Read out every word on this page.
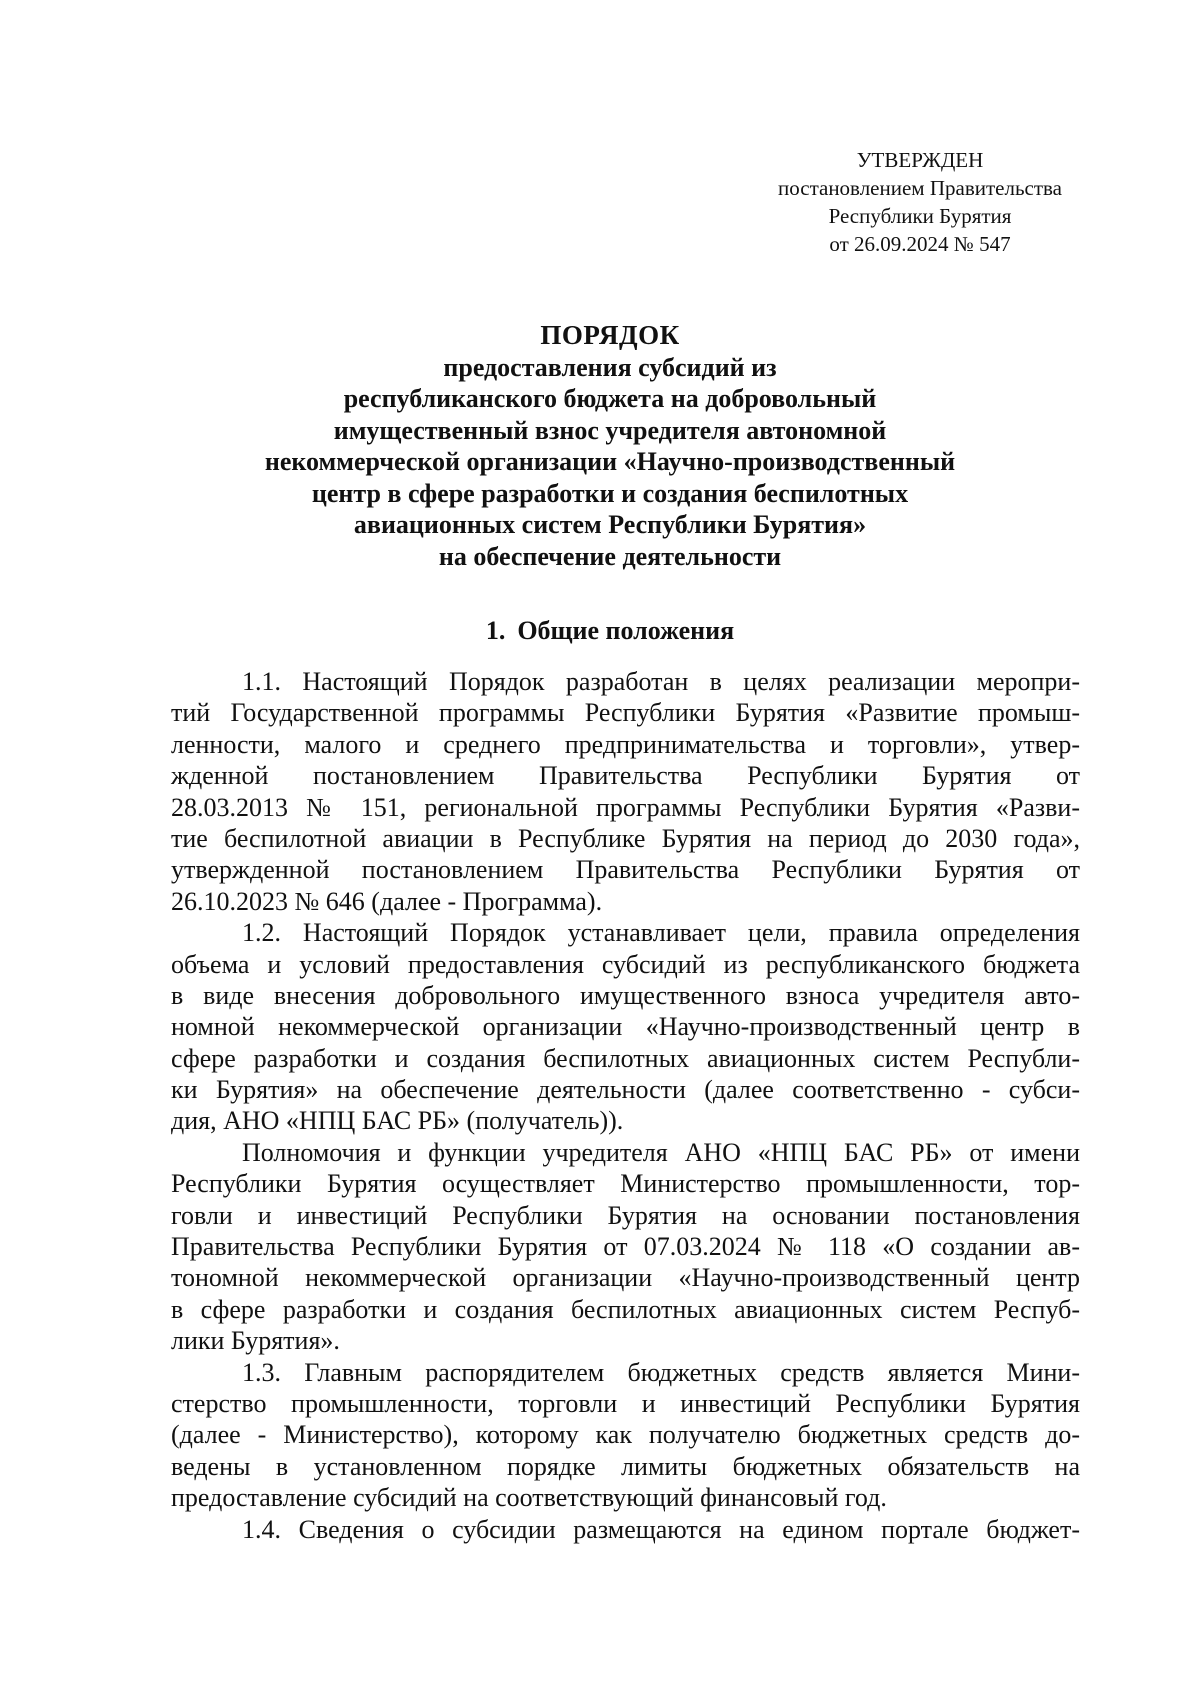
УТВЕРЖДЕН
постановлением Правительства
Республики Бурятия
от 26.09.2024 № 547
ПОРЯДОК
предоставления субсидий из
республиканского бюджета на добровольный
имущественный взнос учредителя автономной
некоммерческой организации «Научно-производственный
центр в сфере разработки и создания беспилотных
авиационных систем Республики Бурятия»
на обеспечение деятельности
1. Общие положения
1.1. Настоящий Порядок разработан в целях реализации меропри-
тий Государственной программы Республики Бурятия «Развитие промыш-
ленности, малого и среднего предпринимательства и торговли», утвер-
жденной постановлением Правительства Республики Бурятия от
28.03.2013 № 151, региональной программы Республики Бурятия «Разви-
тие беспилотной авиации в Республике Бурятия на период до 2030 года»,
утвержденной постановлением Правительства Республики Бурятия от
26.10.2023 № 646 (далее - Программа).
1.2. Настоящий Порядок устанавливает цели, правила определения
объема и условий предоставления субсидий из республиканского бюджета
в виде внесения добровольного имущественного взноса учредителя авто-
номной некоммерческой организации «Научно-производственный центр в
сфере разработки и создания беспилотных авиационных систем Республи-
ки Бурятия» на обеспечение деятельности (далее соответственно - субси-
дия, АНО «НПЦ БАС РБ» (получатель)).
Полномочия и функции учредителя АНО «НПЦ БАС РБ» от имени
Республики Бурятия осуществляет Министерство промышленности, тор-
говли и инвестиций Республики Бурятия на основании постановления
Правительства Республики Бурятия от 07.03.2024 № 118 «О создании ав-
тономной некоммерческой организации «Научно-производственный центр
в сфере разработки и создания беспилотных авиационных систем Респуб-
лики Бурятия».
1.3. Главным распорядителем бюджетных средств является Мини-
стерство промышленности, торговли и инвестиций Республики Бурятия
(далее - Министерство), которому как получателю бюджетных средств до-
ведены в установленном порядке лимиты бюджетных обязательств на
предоставление субсидий на соответствующий финансовый год.
1.4. Сведения о субсидии размещаются на едином портале бюджет-
